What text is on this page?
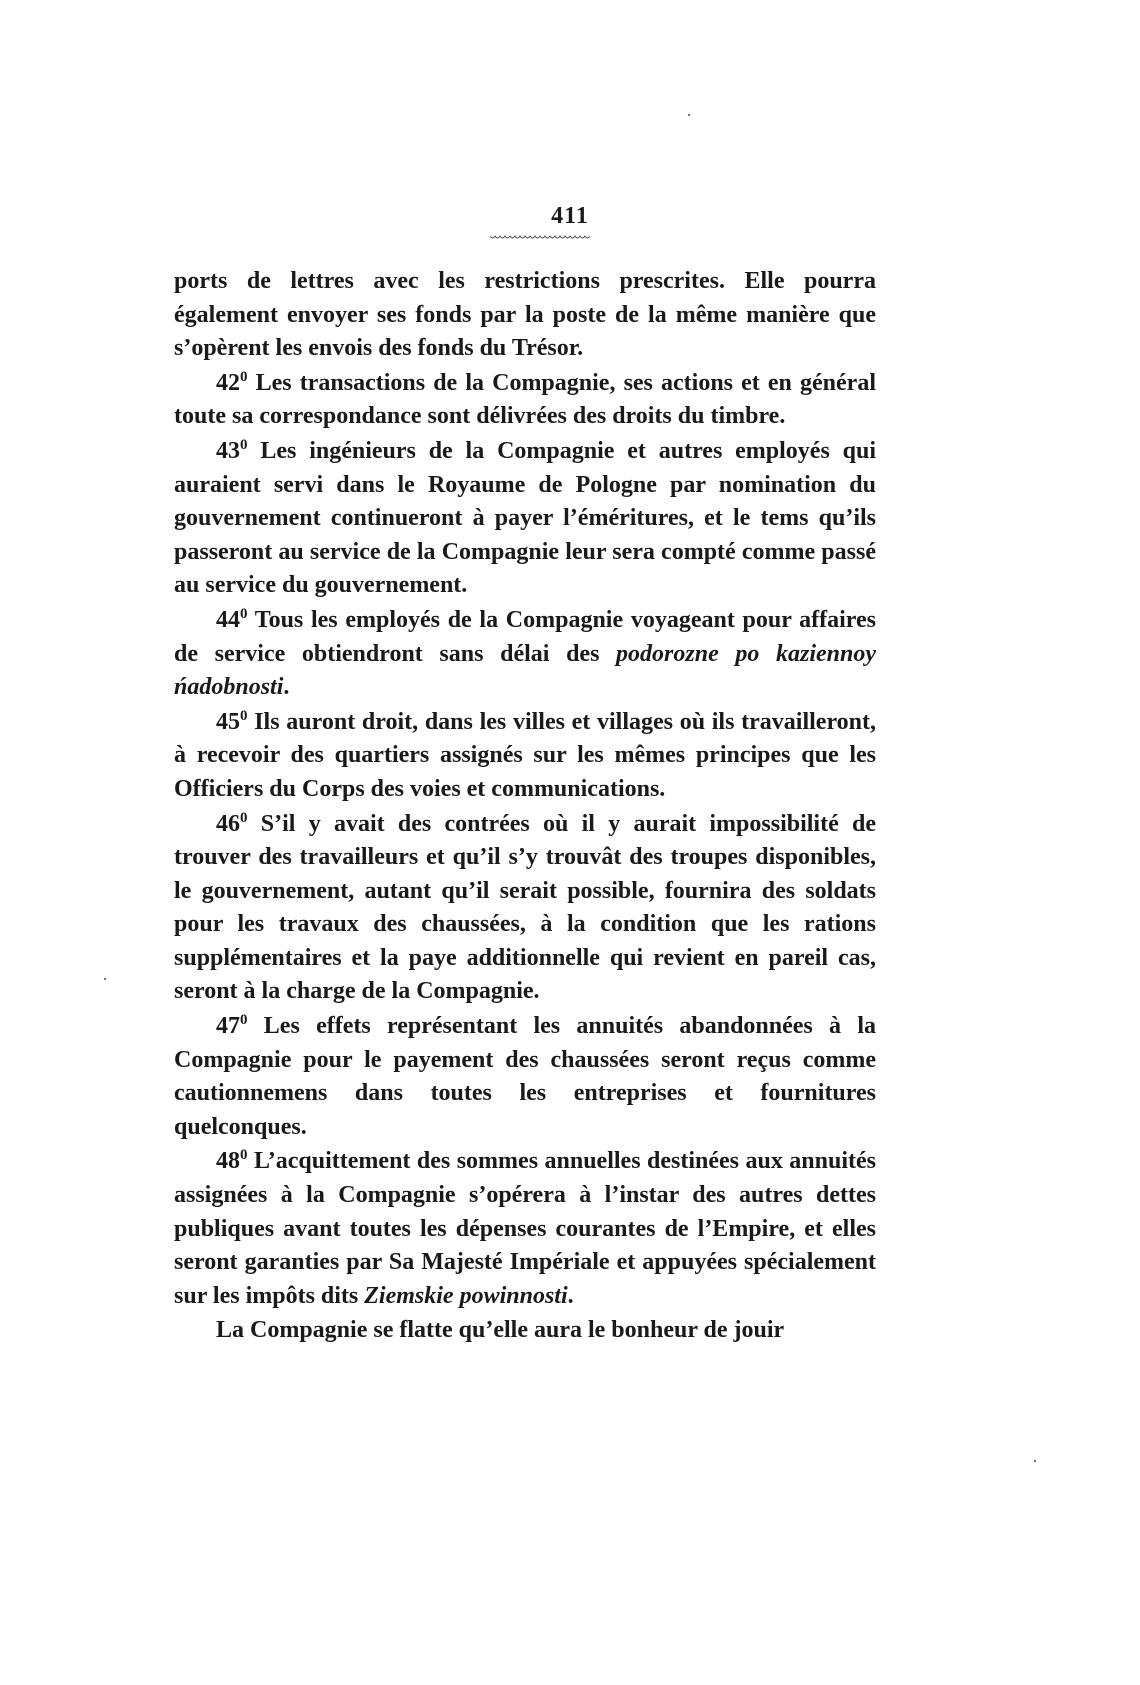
411

ports de lettres avec les restrictions prescrites. Elle pourra également envoyer ses fonds par la poste de la même manière que s’opèrent les envois des fonds du Trésor.

$42^0$ Les transactions de la Compagnie, ses actions et en général toute sa correspondance sont délivrées des droits du timbre.

$43^0$ Les ingénieurs de la Compagnie et autres employés qui auraient servi dans le Royaume de Pologne par nomination du gouvernement continueront à payer l’éméritures, et le tems qu’ils passeront au service de la Compagnie leur sera compté comme passé au service du gouvernement.

$44^0$ Tous les employés de la Compagnie voyageant pour affaires de service obtiendront sans délai des podorozne po kaziennoy ńadobnosti.

$45^0$ Ils auront droit, dans les villes et villages où ils travailleront, à recevoir des quartiers assignés sur les mêmes principes que les Officiers du Corps des voies et communications.

$46^0$ S’il y avait des contrées où il y aurait impossibilité de trouver des travailleurs et qu’il s’y trouvât des troupes disponibles, le gouvernement, autant qu’il serait possible, fournira des soldats pour les travaux des chaussées, à la condition que les rations supplémentaires et la paye additionnelle qui revient en pareil cas, seront à la charge de la Compagnie.

$47^0$ Les effets représentant les annuités abandonnées à la Compagnie pour le payement des chaussées seront reçus comme cautionnemens dans toutes les entreprises et fournitures quelconques.

$48^0$ L’acquittement des sommes annuelles destinées aux annuités assignées à la Compagnie s’opérera à l’instar des autres dettes publiques avant toutes les dépenses courantes de l’Empire, et elles seront garanties par Sa Majesté Impériale et appuyées spécialement sur les impôts dits Ziemskie powinnosti.

La Compagnie se flatte qu’elle aura le bonheur de jouir
